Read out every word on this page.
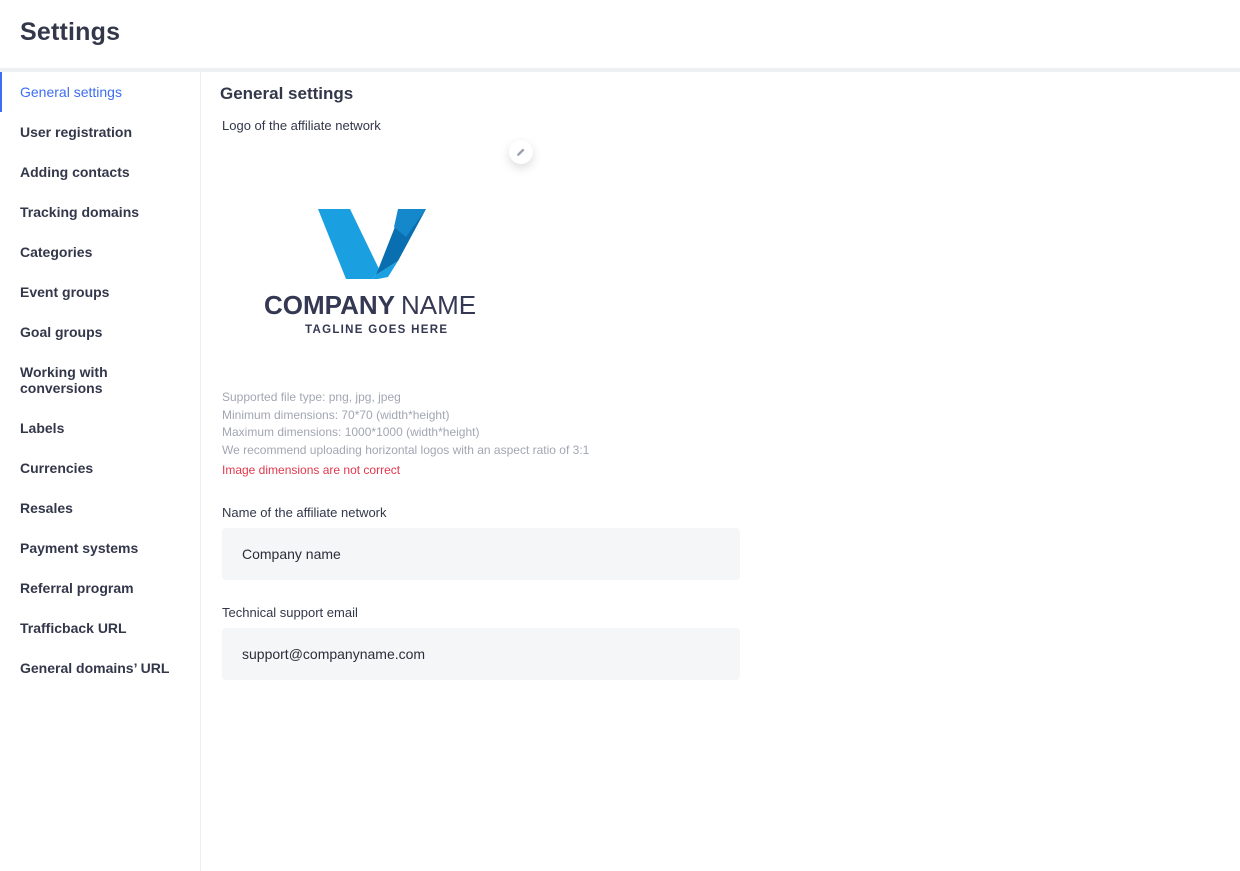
Settings
General settings
User registration
Adding contacts
Tracking domains
Categories
Event groups
Goal groups
Working with conversions
Labels
Currencies
Resales
Payment systems
Referral program
Trafficback URL
General domains’ URL
General settings
Logo of the affiliate network
COMPANY NAME
TAGLINE GOES HERE
Supported file type: png, jpg, jpeg
Minimum dimensions: 70*70 (width*height)
Maximum dimensions: 1000*1000 (width*height)
We recommend uploading horizontal logos with an aspect ratio of 3:1
Image dimensions are not correct
Name of the affiliate network
Company name
Technical support email
support@companyname.com
